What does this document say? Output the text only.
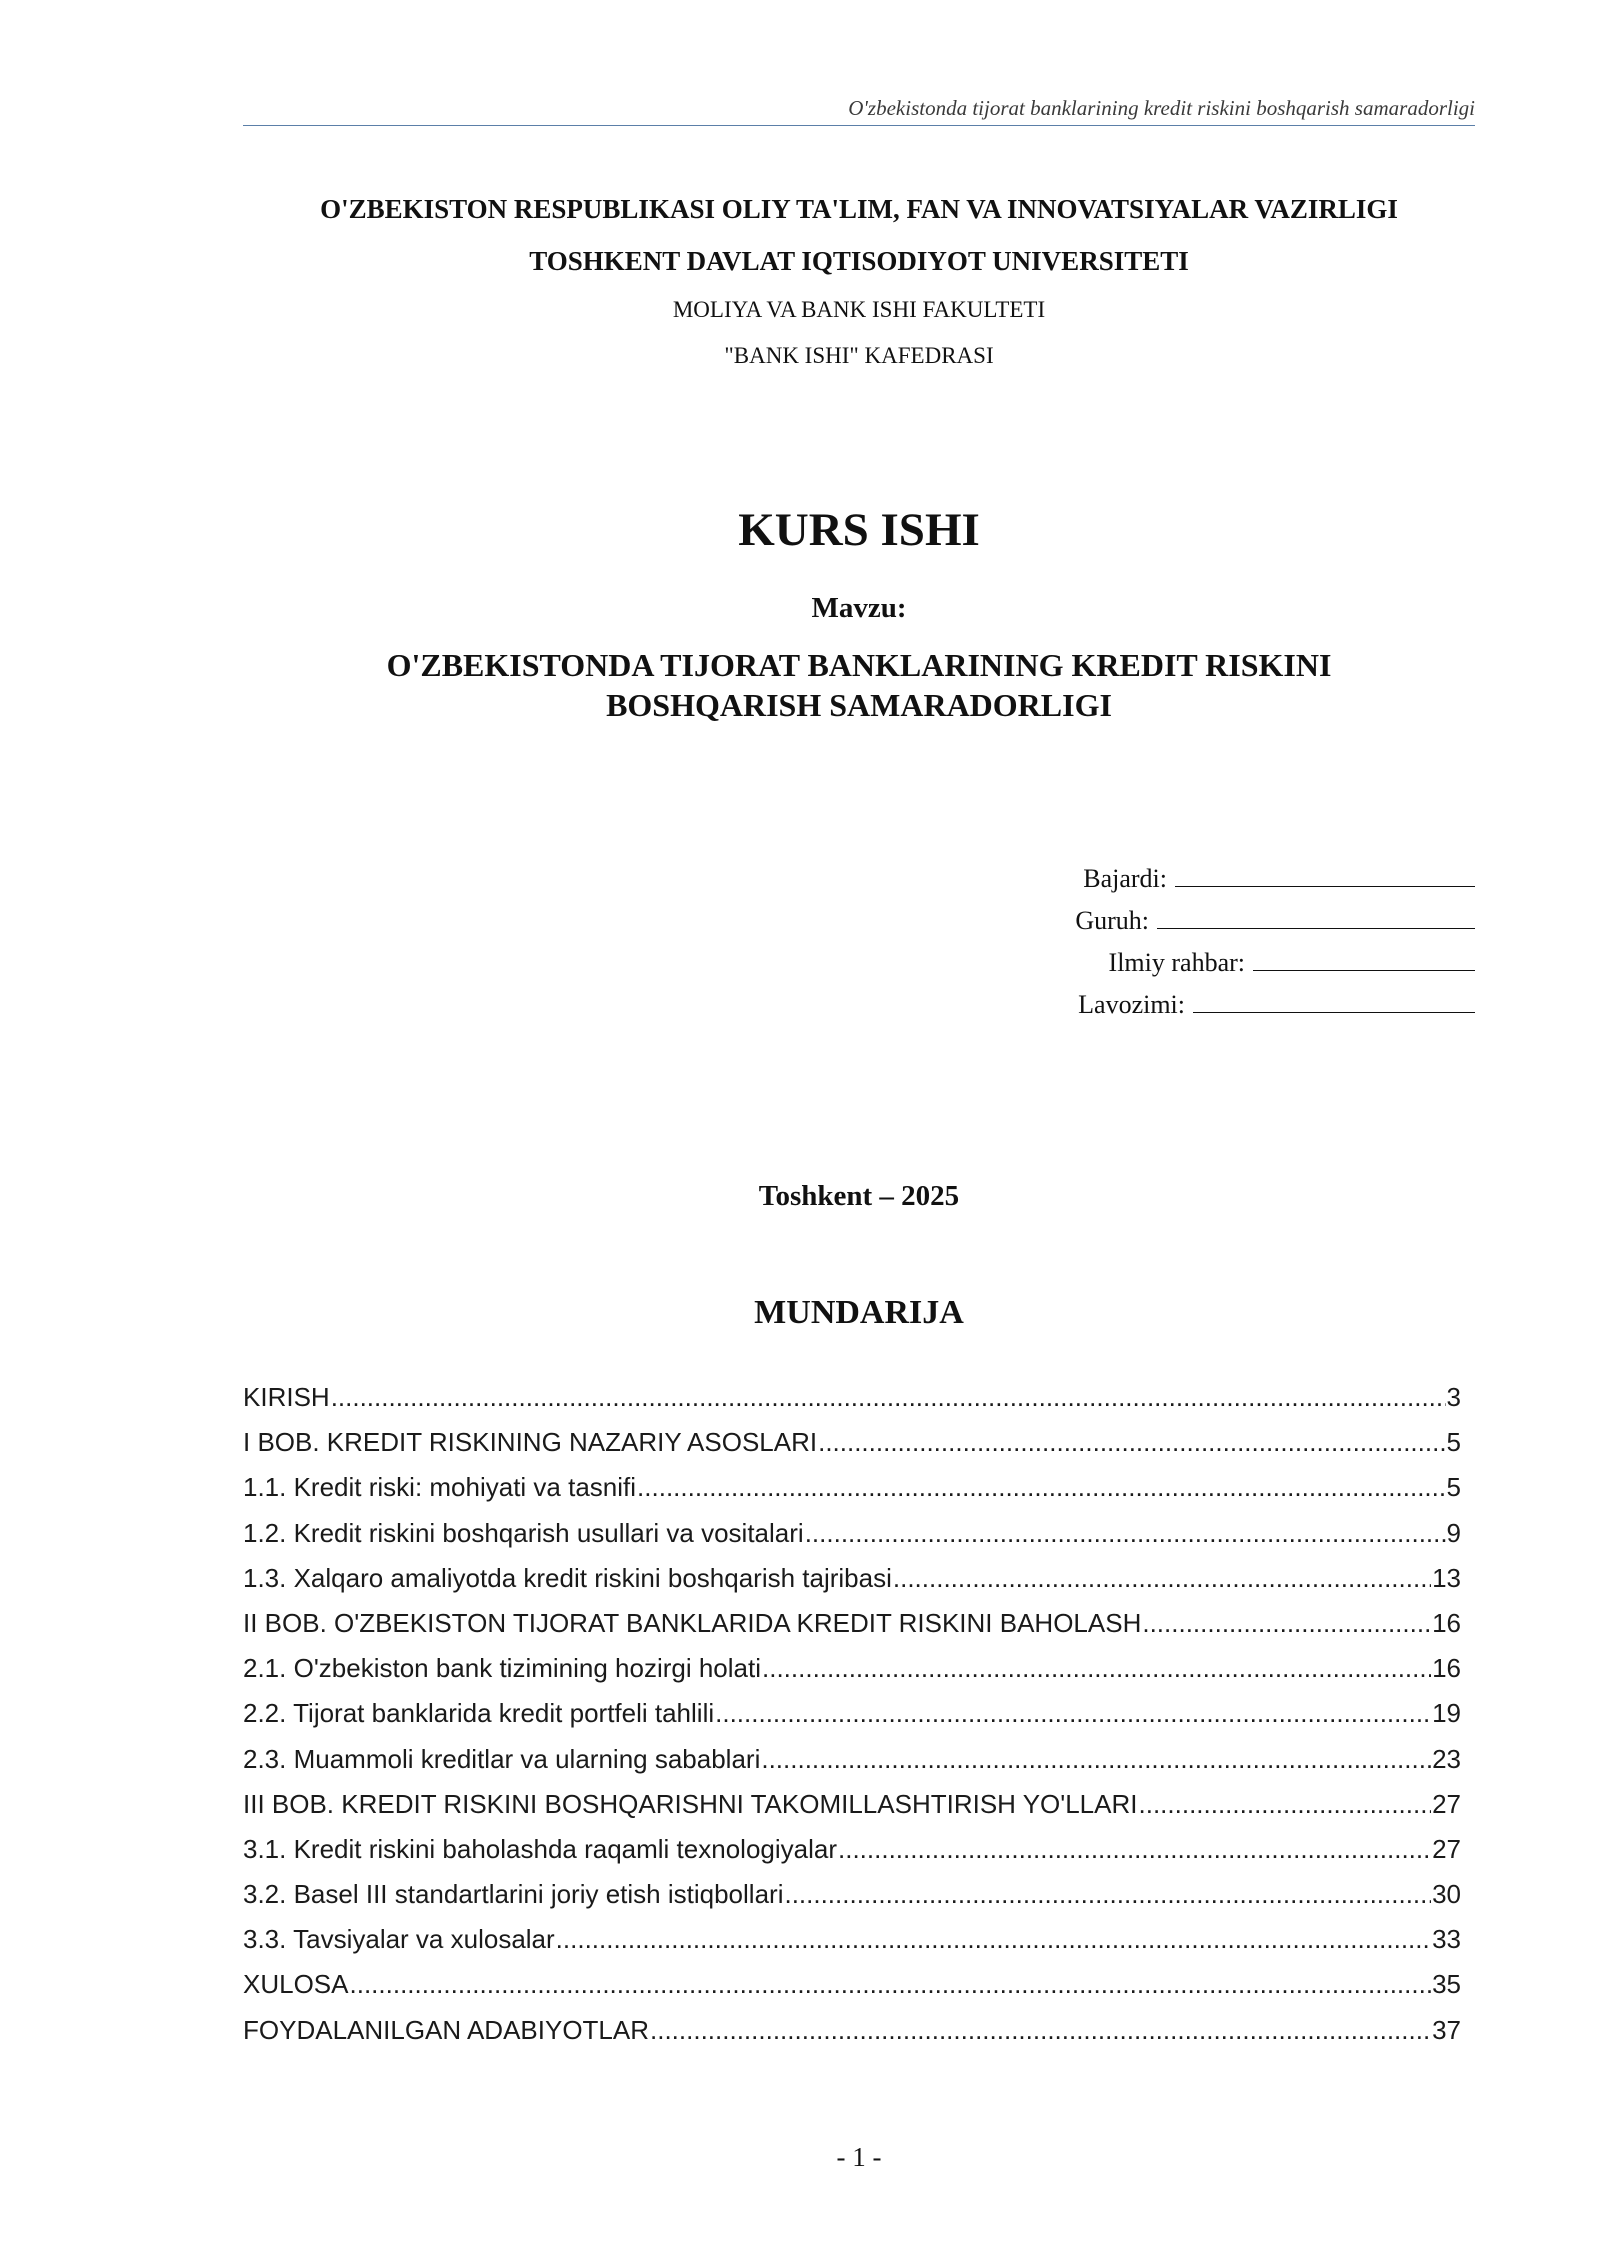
O'zbekistonda tijorat banklarining kredit riskini boshqarish samaradorligi
O'ZBEKISTON RESPUBLIKASI OLIY TA'LIM, FAN VA INNOVATSIYALAR VAZIRLIGI
TOSHKENT DAVLAT IQTISODIYOT UNIVERSITETI
MOLIYA VA BANK ISHI FAKULTETI
"BANK ISHI" KAFEDRASI
KURS ISHI
Mavzu:
O'ZBEKISTONDA TIJORAT BANKLARINING KREDIT RISKINI
BOSHQARISH SAMARADORLIGI
Bajardi:
Guruh:
Ilmiy rahbar:
Lavozimi:
Toshkent – 2025
MUNDARIJA
KIRISH .....	3
I BOB. KREDIT RISKINING NAZARIY ASOSLARI .....	5
1.1. Kredit riski: mohiyati va tasnifi .....	5
1.2. Kredit riskini boshqarish usullari va vositalari .....	9
1.3. Xalqaro amaliyotda kredit riskini boshqarish tajribasi .....	13
II BOB. O'ZBEKISTON TIJORAT BANKLARIDA KREDIT RISKINI BAHOLASH .....	16
2.1. O'zbekiston bank tizimining hozirgi holati .....	16
2.2. Tijorat banklarida kredit portfeli tahlili .....	19
2.3. Muammoli kreditlar va ularning sabablari .....	23
III BOB. KREDIT RISKINI BOSHQARISHNI TAKOMILLASHTIRISH YO'LLARI .....	27
3.1. Kredit riskini baholashda raqamli texnologiyalar .....	27
3.2. Basel III standartlarini joriy etish istiqbollari .....	30
3.3. Tavsiyalar va xulosalar .....	33
XULOSA .....	35
FOYDALANILGAN ADABIYOTLAR .....	37
- 1 -
